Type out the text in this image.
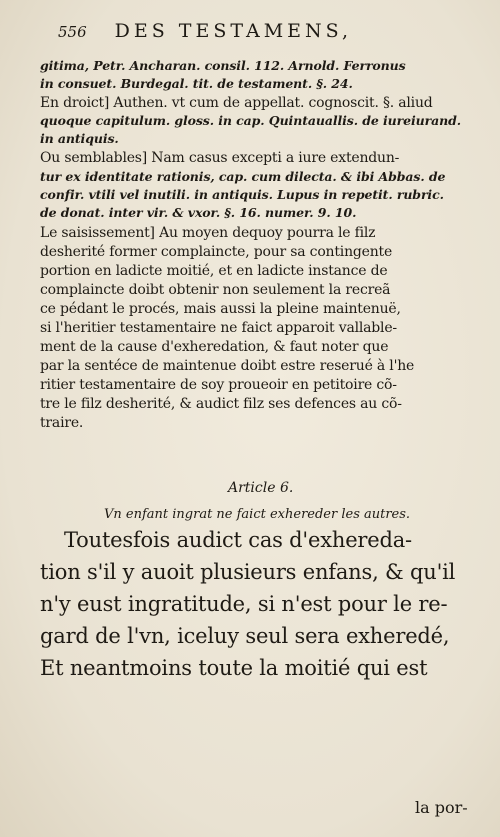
556 DES TESTAMENS,
gitima, Petr. Ancharan. consil. 112. Arnold. Ferronus
in consuet. Burdegal. tit. de testament. §. 24.
En droict] Authen. vt cum de appellat. cognoscit. §. aliud
quoque capitulum. gloss. in cap. Quintauallis. de iureiurand.
in antiquis.
Ou semblables] Nam casus excepti a iure extendun-
tur ex identitate rationis, cap. cum dilecta. & ibi Abbas. de
confir. vtili vel inutili. in antiquis. Lupus in repetit. rubric.
de donat. inter vir. & vxor. §. 16. numer. 9. 10.
Le saisissement] Au moyen dequoy pourra le filz
desherité former complaincte, pour sa contingente
portion en ladicte moitié, et en ladicte instance de
complaincte doibt obtenir non seulement la recreã
ce pédant le procés, mais aussi la pleine maintenuë,
si l'heritier testamentaire ne faict apparoit vallable-
ment de la cause d'exheredation, & faut noter que
par la sentéce de maintenue doibt estre reserué à l'he
ritier testamentaire de soy proueoir en petitoire cõ-
tre le filz desherité, & audict filz ses defences au cõ-
traire.
Article 6.
Vn enfant ingrat ne faict exhereder les autres.
Toutesfois audict cas d'exhereda-
tion s'il y auoit plusieurs enfans, & qu'il
n'y eust ingratitude, si n'est pour le re-
gard de l'vn, iceluy seul sera exheredé,
Et neantmoins toute la moitié qui est
la por-
